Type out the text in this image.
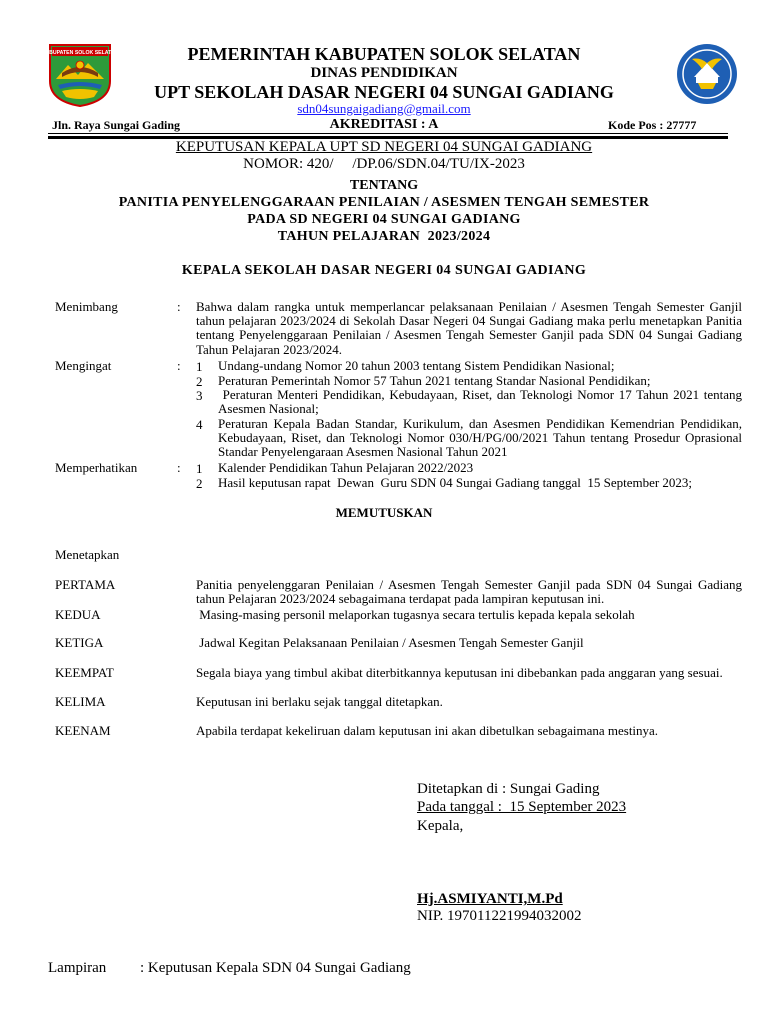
KABUPATEN SOLOK SELATAN	PEMERINTAH KABUPATEN SOLOK SELATAN
DINAS PENDIDIKAN
UPT SEKOLAH DASAR NEGERI 04 SUNGAI GADIANG
sdn04sungaigadiang@gmail.com
Jln. Raya Sungai Gading	AKREDITASI : A	Kode Pos : 27777
KEPUTUSAN KEPALA UPT SD NEGERI 04 SUNGAI GADIANG
NOMOR: 420/     /DP.06/SDN.04/TU/IX-2023
TENTANG
PANITIA PENYELENGGARAAN PENILAIAN / ASESMEN TENGAH SEMESTER
PADA SD NEGERI 04 SUNGAI GADIANG
TAHUN PELAJARAN  2023/2024
KEPALA SEKOLAH DASAR NEGERI 04 SUNGAI GADIANG
Menimbang	: Bahwa dalam rangka untuk memperlancar pelaksanaan Penilaian / Asesmen Tengah Semester Ganjil tahun pelajaran 2023/2024 di Sekolah Dasar Negeri 04 Sungai Gadiang maka perlu menetapkan Panitia tentang Penyelenggaraan Penilaian / Asesmen Tengah Semester Ganjil pada SDN 04 Sungai Gadiang Tahun Pelajaran 2023/2024.
Mengingat	: 1 Undang-undang Nomor 20 tahun 2003 tentang Sistem Pendidikan Nasional;
2 Peraturan Pemerintah Nomor 57 Tahun 2021 tentang Standar Nasional Pendidikan;
3 Peraturan Menteri Pendidikan, Kebudayaan, Riset, dan Teknologi Nomor 17 Tahun 2021 tentang Asesmen Nasional;
4 Peraturan Kepala Badan Standar, Kurikulum, dan Asesmen Pendidikan Kemendrian Pendidikan, Kebudayaan, Riset, dan Teknologi Nomor 030/H/PG/00/2021 Tahun tentang Prosedur Oprasional Standar Penyelengaraan Asesmen Nasional Tahun 2021
Memperhatikan	: 1 Kalender Pendidikan Tahun Pelajaran 2022/2023
2 Hasil keputusan rapat  Dewan  Guru SDN 04 Sungai Gadiang tanggal  15 September 2023;
MEMUTUSKAN
Menetapkan
PERTAMA	Panitia penyelenggaran Penilaian / Asesmen Tengah Semester Ganjil pada SDN 04 Sungai Gadiang tahun Pelajaran 2023/2024 sebagaimana terdapat pada lampiran keputusan ini.
KEDUA	Masing-masing personil melaporkan tugasnya secara tertulis kepada kepala sekolah
KETIGA	Jadwal Kegitan Pelaksanaan Penilaian / Asesmen Tengah Semester Ganjil
KEEMPAT	Segala biaya yang timbul akibat diterbitkannya keputusan ini dibebankan pada anggaran yang sesuai.
KELIMA	Keputusan ini berlaku sejak tanggal ditetapkan.
KEENAM	Apabila terdapat kekeliruan dalam keputusan ini akan dibetulkan sebagaimana mestinya.
Ditetapkan di : Sungai Gading
Pada tanggal :  15 September 2023
Kepala,
Hj.ASMIYANTI,M.Pd
NIP. 197011221994032002
Lampiran : Keputusan Kepala SDN 04 Sungai Gadiang
